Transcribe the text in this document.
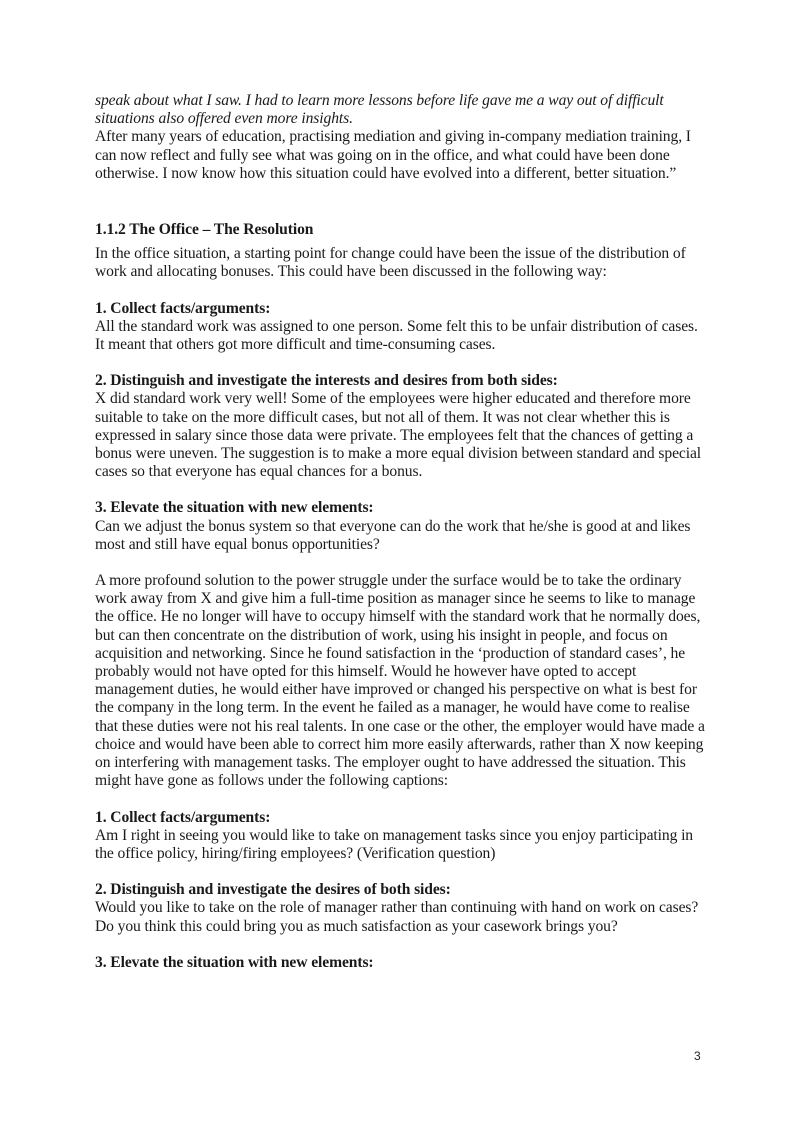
speak about what I saw. I had to learn more lessons before life gave me a way out of difficult situations also offered even more insights.

After many years of education, practising mediation and giving in-company mediation training, I can now reflect and fully see what was going on in the office, and what could have been done otherwise. I now know how this situation could have evolved into a different, better situation.”

1.1.2 The Office – The Resolution

In the office situation, a starting point for change could have been the issue of the distribution of work and allocating bonuses. This could have been discussed in the following way:

1. Collect facts/arguments:

All the standard work was assigned to one person. Some felt this to be unfair distribution of cases. It meant that others got more difficult and time-consuming cases.

2. Distinguish and investigate the interests and desires from both sides:

X did standard work very well! Some of the employees were higher educated and therefore more suitable to take on the more difficult cases, but not all of them. It was not clear whether this is expressed in salary since those data were private. The employees felt that the chances of getting a bonus were uneven. The suggestion is to make a more equal division between standard and special cases so that everyone has equal chances for a bonus.

3. Elevate the situation with new elements:

Can we adjust the bonus system so that everyone can do the work that he/she is good at and likes most and still have equal bonus opportunities?

A more profound solution to the power struggle under the surface would be to take the ordinary work away from X and give him a full-time position as manager since he seems to like to manage the office. He no longer will have to occupy himself with the standard work that he normally does, but can then concentrate on the distribution of work, using his insight in people, and focus on acquisition and networking. Since he found satisfaction in the ‘production of standard cases’, he probably would not have opted for this himself. Would he however have opted to accept management duties, he would either have improved or changed his perspective on what is best for the company in the long term. In the event he failed as a manager, he would have come to realise that these duties were not his real talents. In one case or the other, the employer would have made a choice and would have been able to correct him more easily afterwards, rather than X now keeping on interfering with management tasks. The employer ought to have addressed the situation. This might have gone as follows under the following captions:

1. Collect facts/arguments:

Am I right in seeing you would like to take on management tasks since you enjoy participating in the office policy, hiring/firing employees? (Verification question)

2. Distinguish and investigate the desires of both sides:

Would you like to take on the role of manager rather than continuing with hand on work on cases? Do you think this could bring you as much satisfaction as your casework brings you?

3. Elevate the situation with new elements:

3
